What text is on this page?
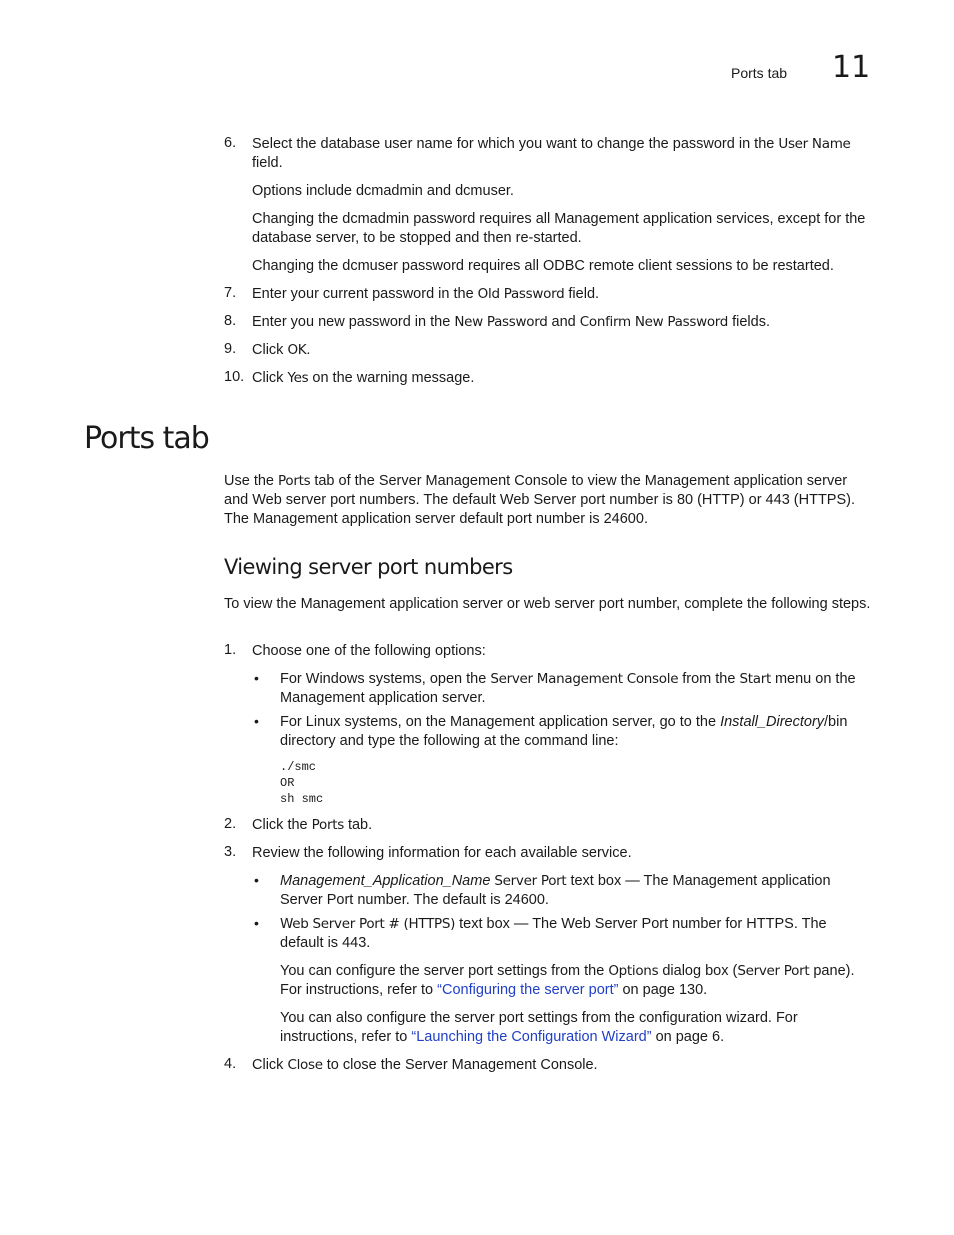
Ports tab 11
6. Select the database user name for which you want to change the password in the User Name field.

Options include dcmadmin and dcmuser.

Changing the dcmadmin password requires all Management application services, except for the database server, to be stopped and then re-started.

Changing the dcmuser password requires all ODBC remote client sessions to be restarted.

7. Enter your current password in the Old Password field.

8. Enter you new password in the New Password and Confirm New Password fields.

9. Click OK.

10. Click Yes on the warning message.

Ports tab

Use the Ports tab of the Server Management Console to view the Management application server and Web server port numbers. The default Web Server port number is 80 (HTTP) or 443 (HTTPS). The Management application server default port number is 24600.

Viewing server port numbers

To view the Management application server or web server port number, complete the following steps.

1. Choose one of the following options:

• For Windows systems, open the Server Management Console from the Start menu on the Management application server.

• For Linux systems, on the Management application server, go to the Install_Directory/bin directory and type the following at the command line:

./smc
OR
sh smc
2. Click the Ports tab.

3. Review the following information for each available service.

• Management_Application_Name Server Port text box — The Management application Server Port number. The default is 24600.

• Web Server Port # (HTTPS) text box — The Web Server Port number for HTTPS. The default is 443.

You can configure the server port settings from the Options dialog box (Server Port pane). For instructions, refer to “Configuring the server port” on page 130.

You can also configure the server port settings from the configuration wizard. For instructions, refer to “Launching the Configuration Wizard” on page 6.

4. Click Close to close the Server Management Console.
